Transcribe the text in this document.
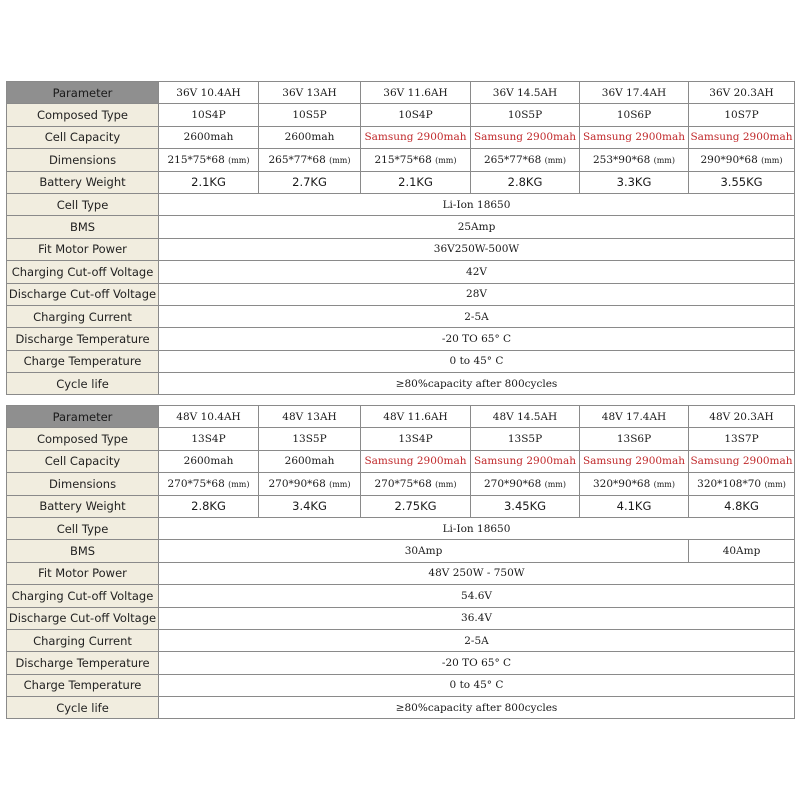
Parameter	36V 10.4AH	36V 13AH	36V 11.6AH	36V 14.5AH	36V 17.4AH	36V 20.3AH
Composed Type	10S4P	10S5P	10S4P	10S5P	10S6P	10S7P
Cell Capacity	2600mah	2600mah	Samsung 2900mah	Samsung 2900mah	Samsung 2900mah	Samsung 2900mah
Dimensions	215*75*68 (mm)	265*77*68 (mm)	215*75*68 (mm)	265*77*68 (mm)	253*90*68 (mm)	290*90*68 (mm)
Battery Weight	2.1KG	2.7KG	2.1KG	2.8KG	3.3KG	3.55KG
Cell Type	Li-Ion 18650					
BMS	25Amp					
Fit Motor Power	36V250W-500W					
Charging Cut-off Voltage	42V					
Discharge Cut-off Voltage	28V					
Charging Current	2-5A					
Discharge Temperature	-20 TO 65° C					
Charge Temperature	0 to 45° C					
Cycle life	≥80%capacity after 800cycles					
Parameter	48V 10.4AH	48V 13AH	48V 11.6AH	48V 14.5AH	48V 17.4AH	48V 20.3AH
Composed Type	13S4P	13S5P	13S4P	13S5P	13S6P	13S7P
Cell Capacity	2600mah	2600mah	Samsung 2900mah	Samsung 2900mah	Samsung 2900mah	Samsung 2900mah
Dimensions	270*75*68 (mm)	270*90*68 (mm)	270*75*68 (mm)	270*90*68 (mm)	320*90*68 (mm)	320*108*70 (mm)
Battery Weight	2.8KG	3.4KG	2.75KG	3.45KG	4.1KG	4.8KG
Cell Type	Li-Ion 18650					
BMS	30Amp					40Amp
Fit Motor Power	48V 250W - 750W					
Charging Cut-off Voltage	54.6V					
Discharge Cut-off Voltage	36.4V					
Charging Current	2-5A					
Discharge Temperature	-20 TO 65° C					
Charge Temperature	0 to 45° C					
Cycle life	≥80%capacity after 800cycles					
